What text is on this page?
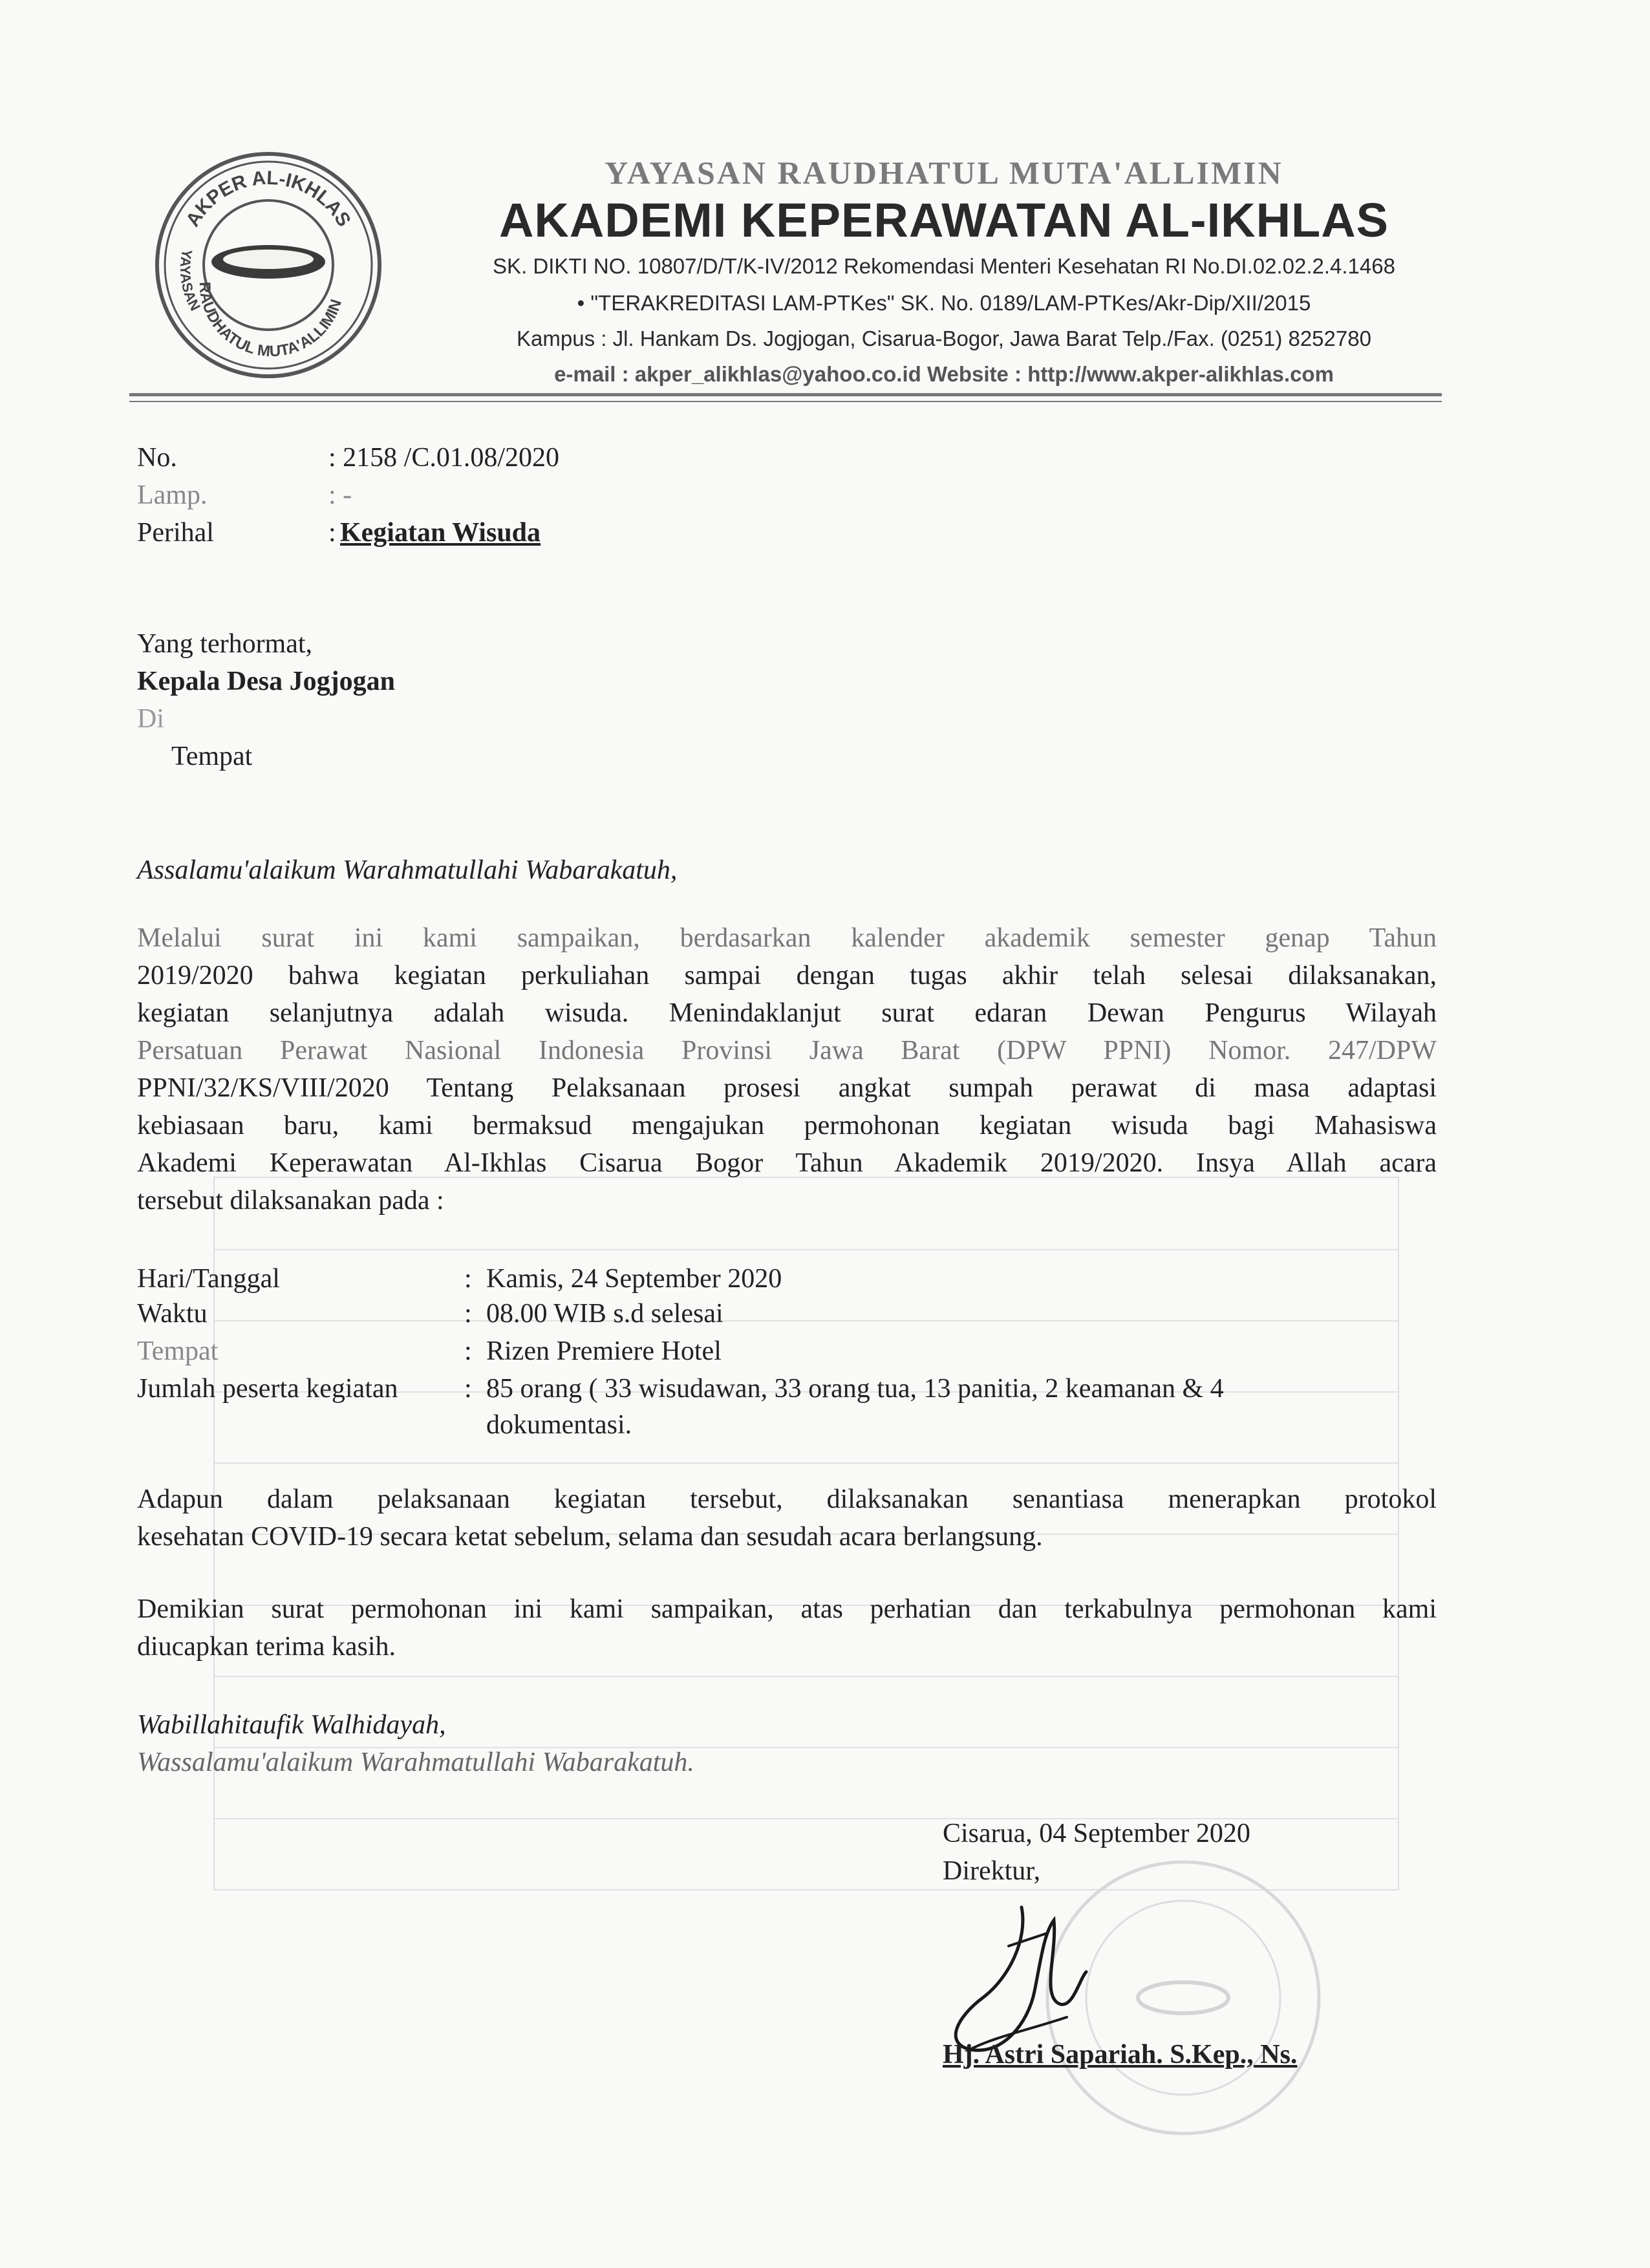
AKPER AL-IKHLAS
RAUDHATUL MUTA'ALLIMIN
YAYASAN
YAYASAN RAUDHATUL MUTA'ALLIMIN
AKADEMI KEPERAWATAN AL-IKHLAS
SK. DIKTI NO. 10807/D/T/K-IV/2012 Rekomendasi Menteri Kesehatan RI No.DI.02.02.2.4.1468
• "TERAKREDITASI LAM-PTKes" SK. No. 0189/LAM-PTKes/Akr-Dip/XII/2015
Kampus : Jl. Hankam Ds. Jogjogan, Cisarua-Bogor, Jawa Barat Telp./Fax. (0251) 8252780
e-mail : akper_alikhlas@yahoo.co.id Website : http://www.akper-alikhlas.com
No.	: 2158 /C.01.08/2020
Lamp.	: -
Perihal	: Kegiatan Wisuda
Yang terhormat,
Kepala Desa Jogjogan
Di
Tempat
Assalamu'alaikum Warahmatullahi Wabarakatuh,
Melalui surat ini kami sampaikan, berdasarkan kalender akademik semester genap Tahun
2019/2020 bahwa kegiatan perkuliahan sampai dengan tugas akhir telah selesai dilaksanakan,
kegiatan selanjutnya adalah wisuda. Menindaklanjut surat edaran Dewan Pengurus Wilayah
Persatuan Perawat Nasional Indonesia Provinsi Jawa Barat (DPW PPNI) Nomor. 247/DPW
PPNI/32/KS/VIII/2020 Tentang Pelaksanaan prosesi angkat sumpah perawat di masa adaptasi
kebiasaan baru, kami bermaksud mengajukan permohonan kegiatan wisuda bagi Mahasiswa
Akademi Keperawatan Al-Ikhlas Cisarua Bogor Tahun Akademik 2019/2020. Insya Allah acara
tersebut dilaksanakan pada :
Hari/Tanggal	: Kamis, 24 September 2020
Waktu	: 08.00 WIB s.d selesai
Tempat	: Rizen Premiere Hotel
Jumlah peserta kegiatan : 85 orang ( 33 wisudawan, 33 orang tua, 13 panitia, 2 keamanan & 4
dokumentasi.
Adapun dalam pelaksanaan kegiatan tersebut, dilaksanakan senantiasa menerapkan protokol
kesehatan COVID-19 secara ketat sebelum, selama dan sesudah acara berlangsung.
Demikian surat permohonan ini kami sampaikan, atas perhatian dan terkabulnya permohonan kami
diucapkan terima kasih.
Wabillahitaufik Walhidayah,
Wassalamu'alaikum Warahmatullahi Wabarakatuh.
Cisarua, 04 September 2020
Direktur,
Hj. Astri Sapariah. S.Kep., Ns.
